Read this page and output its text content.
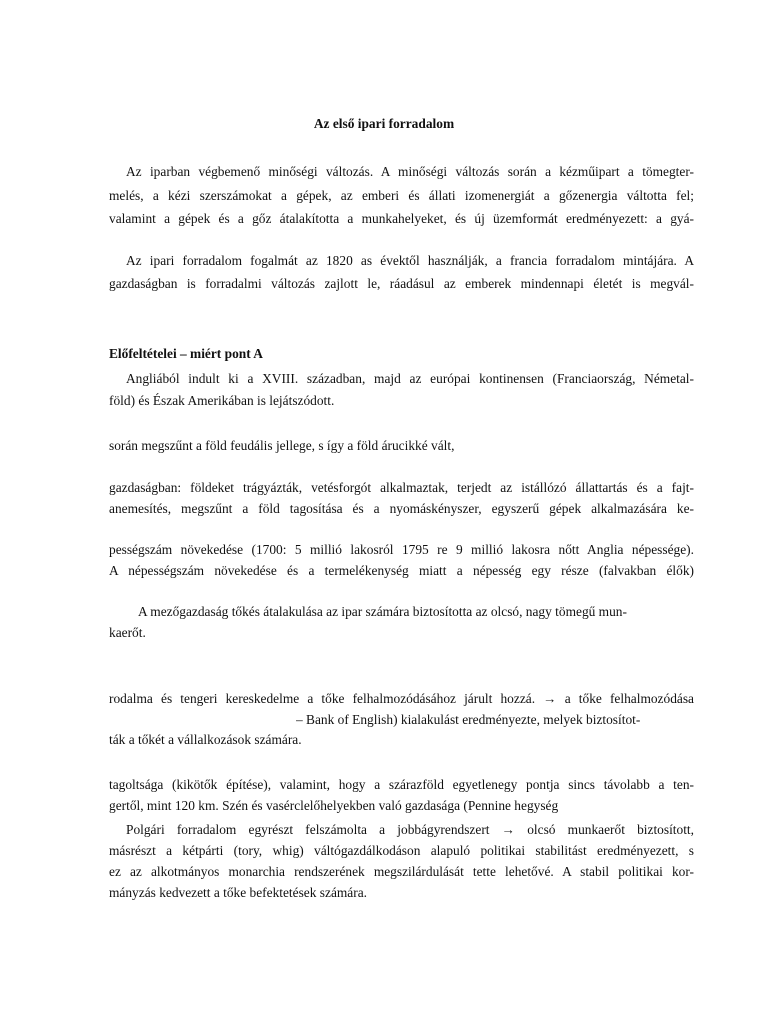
Az első ipari forradalom
Az iparban végbemenő minőségi változás. A minőségi változás során a kézműipart a tömegter-
melés, a kézi szerszámokat a gépek, az emberi és állati izomenergiát a gőzenergia váltotta fel;
valamint a gépek és a gőz átalakította a munkahelyeket, és új üzemformát eredményezett: a gyá-
Az ipari forradalom fogalmát az 1820 as évektől használják, a francia forradalom mintájára. A
gazdaságban is forradalmi változás zajlott le, ráadásul az emberek mindennapi életét is megvál-
Előfeltételei – miért pont A
Angliából indult ki a XVIII. században, majd az európai kontinensen (Franciaország, Németal-
föld) és Észak Amerikában is lejátszódott.
során megszűnt a föld feudális jellege, s így a föld árucikké vált,
gazdaságban: földeket trágyázták, vetésforgót alkalmaztak, terjedt az istállózó állattartás és a fajt-
anemesítés, megszűnt a föld tagosítása és a nyomáskényszer, egyszerű gépek alkalmazására ke-
pességszám növekedése (1700: 5 millió lakosról 1795 re 9 millió lakosra nőtt Anglia népessége).
A népességszám növekedése és a termelékenység miatt a népesség egy része (falvakban élők)
A mezőgazdaság tőkés átalakulása az ipar számára biztosította az olcsó, nagy tömegű mun-
kaerőt.
rodalma és tengeri kereskedelme a tőke felhalmozódásához járult hozzá. → a tőke felhalmozódása
– Bank of English) kialakulást eredményezte, melyek biztosítot-
ták a tőkét a vállalkozások számára.
tagoltsága (kikötők építése), valamint, hogy a szárazföld egyetlenegy pontja sincs távolabb a ten-
gertől, mint 120 km. Szén és vasérclelőhelyekben való gazdasága (Pennine hegység
Polgári forradalom egyrészt felszámolta a jobbágyrendszert → olcsó munkaerőt biztosított,
másrészt a kétpárti (tory, whig) váltógazdálkodáson alapuló politikai stabilitást eredményezett, s
ez az alkotmányos monarchia rendszerének megszilárdulását tette lehetővé. A stabil politikai kor-
mányzás kedvezett a tőke befektetések számára.
